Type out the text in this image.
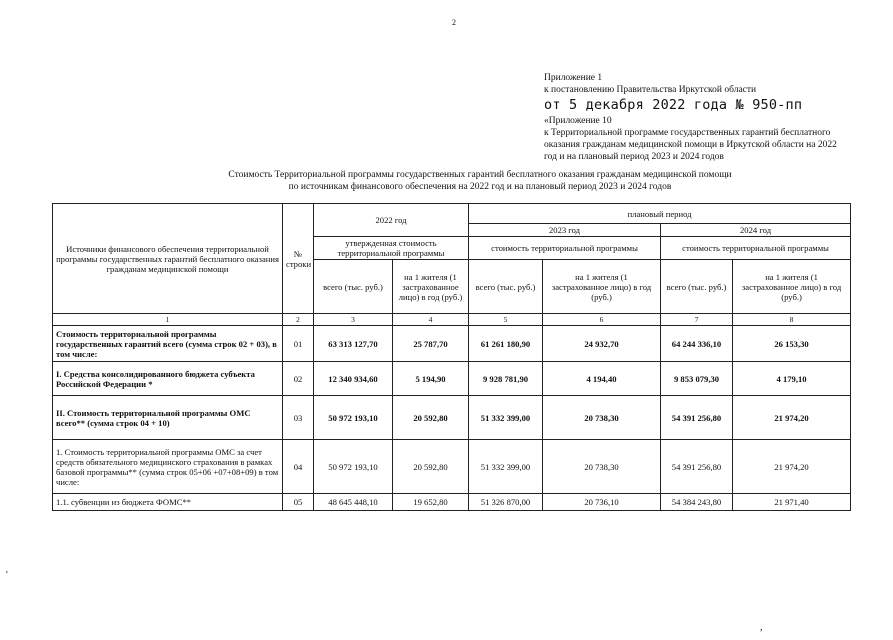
2
Приложение 1
к постановлению Правительства Иркутской области
от 5 декабря 2022 года № 950-пп
«Приложение 10
к Территориальной программе государственных гарантий бесплатного
оказания гражданам медицинской помощи в Иркутской области на 2022
год и на плановый период 2023 и 2024 годов
Стоимость Территориальной программы государственных гарантий бесплатного оказания гражданам медицинской помощи
по источникам финансового обеспечения на 2022 год и на плановый период 2023 и 2024 годов
Источники финансового обеспечения территориальной программы государственных гарантий бесплатного оказания гражданам медицинской помощи	№ строки	2022 год		плановый период			
				2023 год		2024 год	
		утвержденная стоимость территориальной программы		стоимость территориальной программы		стоимость территориальной программы	
		всего (тыс. руб.)	на 1 жителя (1 застрахованное лицо) в год (руб.)	всего (тыс. руб.)	на 1 жителя (1 застрахованное лицо) в год (руб.)	всего (тыс. руб.)	на 1 жителя (1 застрахованное лицо) в год (руб.)
1	2	3	4	5	6	7	8
Стоимость территориальной программы государственных гарантий всего (сумма строк 02 + 03), в том числе:	01	63 313 127,70	25 787,70	61 261 180,90	24 932,70	64 244 336,10	26 153,30
I. Средства консолидированного бюджета субъекта Российской Федерации *	02	12 340 934,60	5 194,90	9 928 781,90	4 194,40	9 853 079,30	4 179,10
II. Стоимость территориальной программы ОМС всего** (сумма строк 04 + 10)	03	50 972 193,10	20 592,80	51 332 399,00	20 738,30	54 391 256,80	21 974,20
1. Стоимость территориальной программы ОМС за счет средств обязательного медицинского страхования в рамках базовой программы** (сумма строк 05+06 +07+08+09) в том числе:	04	50 972 193,10	20 592,80	51 332 399,00	20 738,30	54 391 256,80	21 974,20
1.1. субвенции из бюджета ФОМС**	05	48 645 448,10	19 652,80	51 326 870,00	20 736,10	54 384 243,80	21 971,40
'
,
